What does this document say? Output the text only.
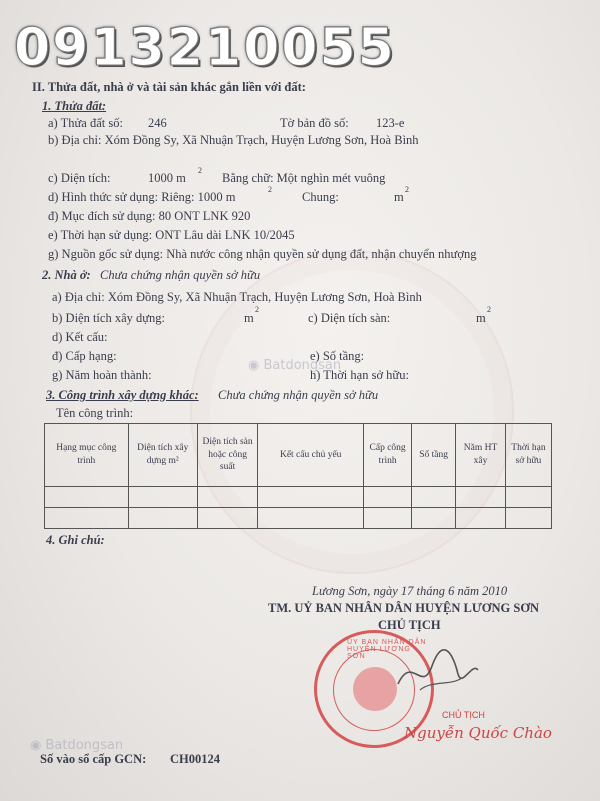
0913210055
II. Thửa đất, nhà ở và tài sản khác gắn liền với đất:
1. Thửa đất:
a) Thửa đất số: 246	Tờ bản đồ số: 123-e
b) Địa chỉ: Xóm Đồng Sy, Xã Nhuận Trạch, Huyện Lương Sơn, Hoà Bình
c) Diện tích:	1000 m
2
Bằng chữ: Một nghìn mét vuông
d) Hình thức sử dụng: Riêng: 1000 m
2
Chung:	m
2
đ) Mục đích sử dụng: 80 ONT LNK 920
e) Thời hạn sử dụng: ONT Lâu dài LNK 10/2045
g) Nguồn gốc sử dụng: Nhà nước công nhận quyền sử dụng đất, nhận chuyển nhượng
2. Nhà ở: Chưa chứng nhận quyền sở hữu
a) Địa chỉ: Xóm Đồng Sy, Xã Nhuận Trạch, Huyện Lương Sơn, Hoà Bình
b) Diện tích xây dựng:	m
2
c) Diện tích sàn:	m
2
d) Kết cấu:
đ) Cấp hạng:	e) Số tầng:
g) Năm hoàn thành:	h) Thời hạn sở hữu:
3. Công trình xây dựng khác: Chưa chứng nhận quyền sở hữu
Tên công trình:
Hạng mục công trình	Diện tích xây dựng m²	Diện tích sàn hoặc công suất	Kết cấu chủ yếu	Cấp công trình	Số tầng	Năm HT xây	Thời hạn sở hữu

4. Ghi chú:
Lương Sơn, ngày 17 tháng 6 năm 2010
TM. UỶ BAN NHÂN DÂN HUYỆN LƯƠNG SƠN
CHỦ TỊCH
ỦY BAN NHÂN DÂN HUYỆN LƯƠNG SƠN
CHỦ TỊCH
Nguyễn Quốc Chào
Số vào sổ cấp GCN: CH00124
◉ Batdongsan
◉ Batdongsan
